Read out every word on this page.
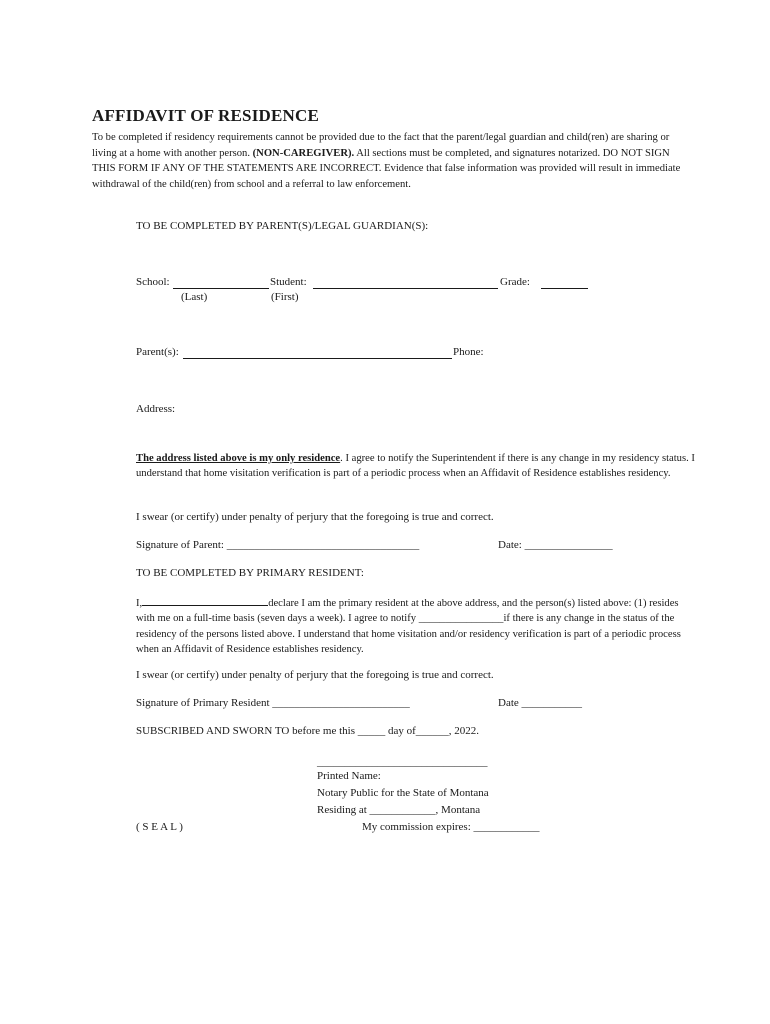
AFFIDAVIT OF RESIDENCE
To be completed if residency requirements cannot be provided due to the fact that the parent/legal guardian and child(ren) are sharing or living at a home with another person. (NON-CAREGIVER). All sections must be completed, and signatures notarized. DO NOT SIGN THIS FORM IF ANY OF THE STATEMENTS ARE INCORRECT. Evidence that false information was provided will result in immediate withdrawal of the child(ren) from school and a referral to law enforcement.
TO BE COMPLETED BY PARENT(S)/LEGAL GUARDIAN(S):
School:	Student:	Grade:
(Last)	(First)
Parent(s):	Phone:
Address:
The address listed above is my only residence. I agree to notify the Superintendent if there is any change in my residency status. I understand that home visitation verification is part of a periodic process when an Affidavit of Residence establishes residency.
I swear (or certify) under penalty of perjury that the foregoing is true and correct.
Signature of Parent: ___________________________________	Date: ________________
TO BE COMPLETED BY PRIMARY RESIDENT:
I,	declare I am the primary resident at the above address, and the person(s) listed above: (1) resides with me on a full-time basis (seven days a week). I agree to notify ________________if there is any change in the status of the residency of the persons listed above. I understand that home visitation and/or residency verification is part of a periodic process when an Affidavit of Residence establishes residency.
I swear (or certify) under penalty of perjury that the foregoing is true and correct.
Signature of Primary Resident _________________________	Date ___________
SUBSCRIBED AND SWORN TO before me this _____ day of______, 2022.
_______________________________
Printed Name:
Notary Public for the State of Montana
Residing at ____________, Montana
( S E A L )	My commission expires: ____________
